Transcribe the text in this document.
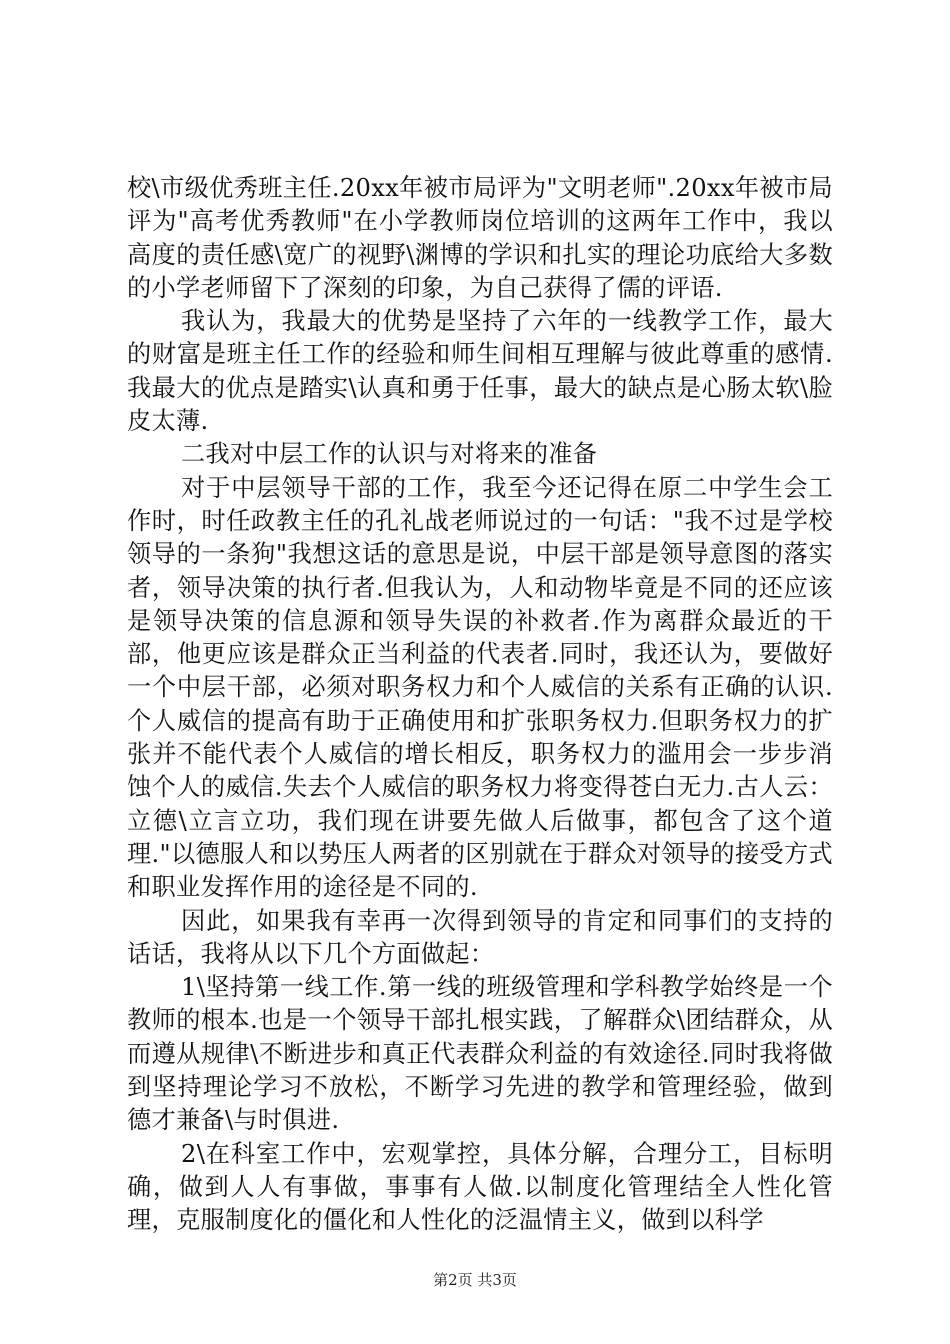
校\市级优秀班主任.20xx年被市局评为"文明老师".20xx年被市局评为"高考优秀教师"在小学教师岗位培训的这两年工作中，我以高度的责任感\宽广的视野\渊博的学识和扎实的理论功底给大多数的小学老师留下了深刻的印象，为自己获得了儒的评语.

我认为，我最大的优势是坚持了六年的一线教学工作，最大的财富是班主任工作的经验和师生间相互理解与彼此尊重的感情.我最大的优点是踏实\认真和勇于任事，最大的缺点是心肠太软\脸皮太薄.

二我对中层工作的认识与对将来的准备

对于中层领导干部的工作，我至今还记得在原二中学生会工作时，时任政教主任的孔礼战老师说过的一句话："我不过是学校领导的一条狗"我想这话的意思是说，中层干部是领导意图的落实者，领导决策的执行者.但我认为，人和动物毕竟是不同的还应该是领导决策的信息源和领导失误的补救者.作为离群众最近的干部，他更应该是群众正当利益的代表者.同时，我还认为，要做好一个中层干部，必须对职务权力和个人威信的关系有正确的认识.个人威信的提高有助于正确使用和扩张职务权力.但职务权力的扩张并不能代表个人威信的增长相反，职务权力的滥用会一步步消蚀个人的威信.失去个人威信的职务权力将变得苍白无力.古人云：立德\立言立功，我们现在讲要先做人后做事，都包含了这个道理."以德服人和以势压人两者的区别就在于群众对领导的接受方式和职业发挥作用的途径是不同的.

因此，如果我有幸再一次得到领导的肯定和同事们的支持的话话，我将从以下几个方面做起：

1\坚持第一线工作.第一线的班级管理和学科教学始终是一个教师的根本.也是一个领导干部扎根实践，了解群众\团结群众，从而遵从规律\不断进步和真正代表群众利益的有效途径.同时我将做到坚持理论学习不放松，不断学习先进的教学和管理经验，做到德才兼备\与时俱进.

2\在科室工作中，宏观掌控，具体分解，合理分工，目标明确，做到人人有事做，事事有人做.以制度化管理结全人性化管理，克服制度化的僵化和人性化的泛温情主义，做到以科学

第2页 共3页
